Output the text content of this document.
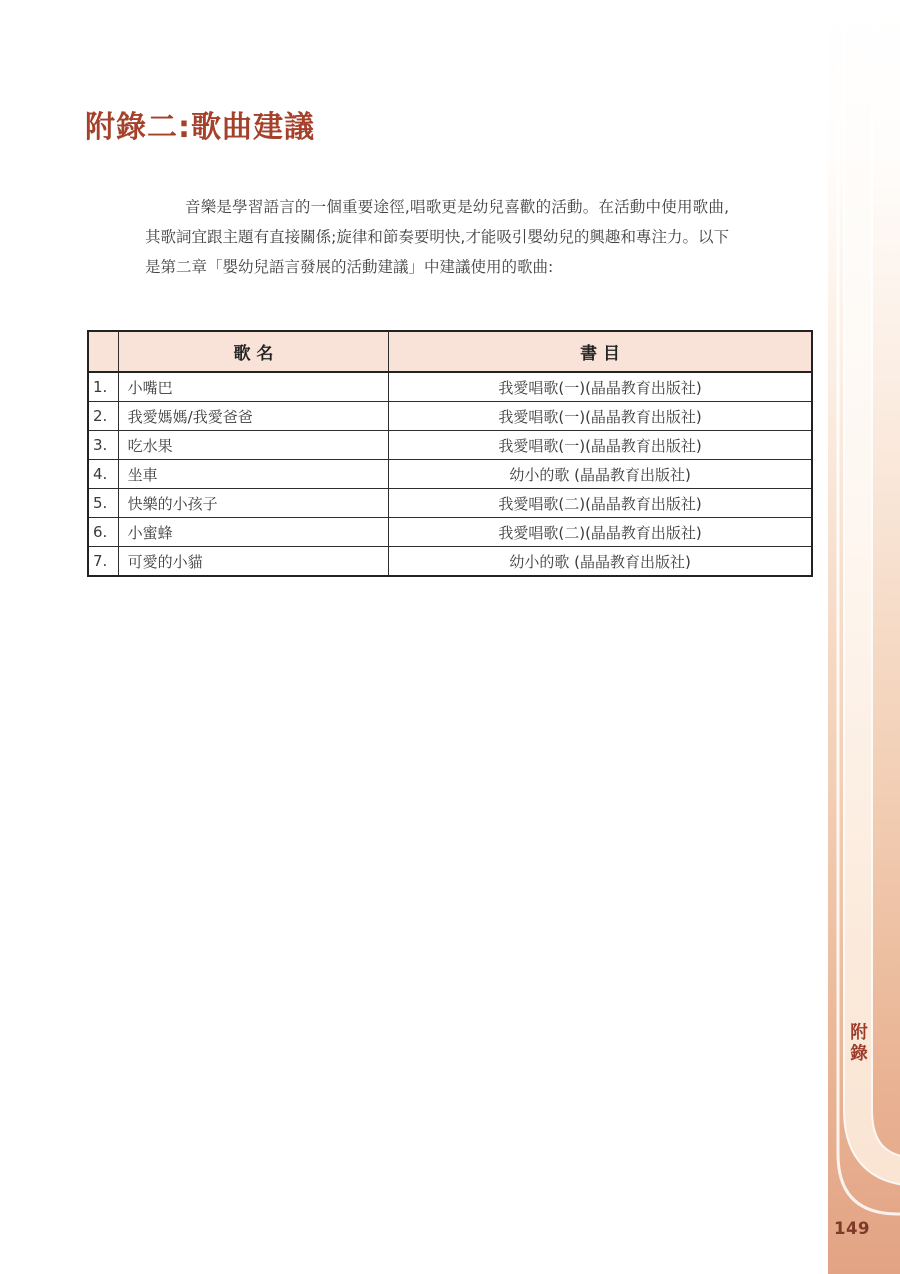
附錄二:歌曲建議

音樂是學習語言的一個重要途徑,唱歌更是幼兒喜歡的活動。在活動中使用歌曲,其歌詞宜跟主題有直接關係;旋律和節奏要明快,才能吸引嬰幼兒的興趣和專注力。以下是第二章「嬰幼兒語言發展的活動建議」中建議使用的歌曲:

	歌 名	書 目
1.	小嘴巴	我愛唱歌(一)(晶晶教育出版社)
2.	我愛媽媽/我愛爸爸	我愛唱歌(一)(晶晶教育出版社)
3.	吃水果	我愛唱歌(一)(晶晶教育出版社)
4.	坐車	幼小的歌 (晶晶教育出版社)
5.	快樂的小孩子	我愛唱歌(二)(晶晶教育出版社)
6.	小蜜蜂	我愛唱歌(二)(晶晶教育出版社)
7.	可愛的小貓	幼小的歌 (晶晶教育出版社)
附錄
149
